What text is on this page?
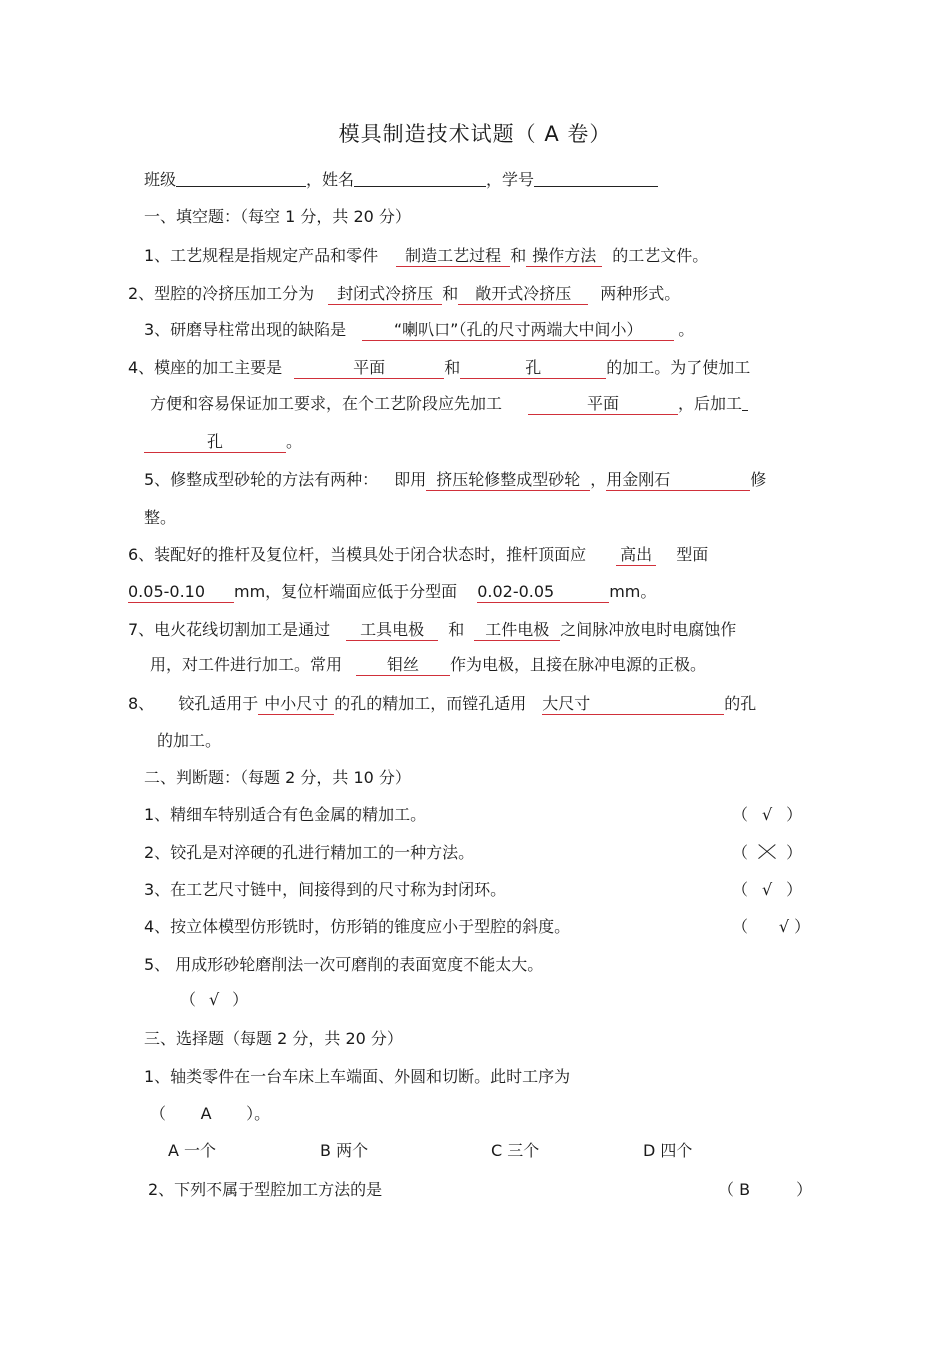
模具制造技术试题（ A 卷）
班级	，姓名	，学号
一、填空题：（每空 1 分，共 20 分）
1、工艺规程是指规定产品和零件 制造工艺过程 和 操作方法 的工艺文件。
2、型腔的冷挤压加工分为 封闭式冷挤压 和 敞开式冷挤压 两种形式。
3、研磨导柱常出现的缺陷是	“喇叭口”（孔的尺寸两端大中间小） 。
4、模座的加工主要是	平面	和	孔	的加工。为了使加工
方便和容易保证加工要求，在个工艺阶段应先加工	平面	，后加工
孔	。
5、修整成型砂轮的方法有两种： 即用 挤压轮修整成型砂轮 ，用金刚石	修
整。
6、装配好的推杆及复位杆，当模具处于闭合状态时，推杆顶面应 高出 型面
0.05-0.10 mm，复位杆端面应低于分型面 0.02-0.05	mm。
7、电火花线切割加工是通过 工具电极 和 工件电极 之间脉冲放电时电腐蚀作
用，对工件进行加工。常用	钼丝 作为电极，且接在脉冲电源的正极。
8、 铰孔适用于 中小尺寸 的孔的精加工，而镗孔适用 大尺寸	的孔
的加工。
二、判断题：（每题 2 分，共 10 分）
1、精细车特别适合有色金属的精加工。	（ √ ）
2、铰孔是对淬硬的孔进行精加工的一种方法。	（  ）
3、在工艺尺寸链中，间接得到的尺寸称为封闭环。	（ √ ）
4、按立体模型仿形铣时，仿形销的锥度应小于型腔的斜度。	（ √ ）
5、 用成形砂轮磨削法一次可磨削的表面宽度不能太大。
（ √ ）
三、选择题（每题 2 分，共 20 分）
1、轴类零件在一台车床上车端面、外圆和切断。此时工序为
（ A ）。
A 一个	B 两个	C 三个	D 四个
2、下列不属于型腔加工方法的是	（ B	）
